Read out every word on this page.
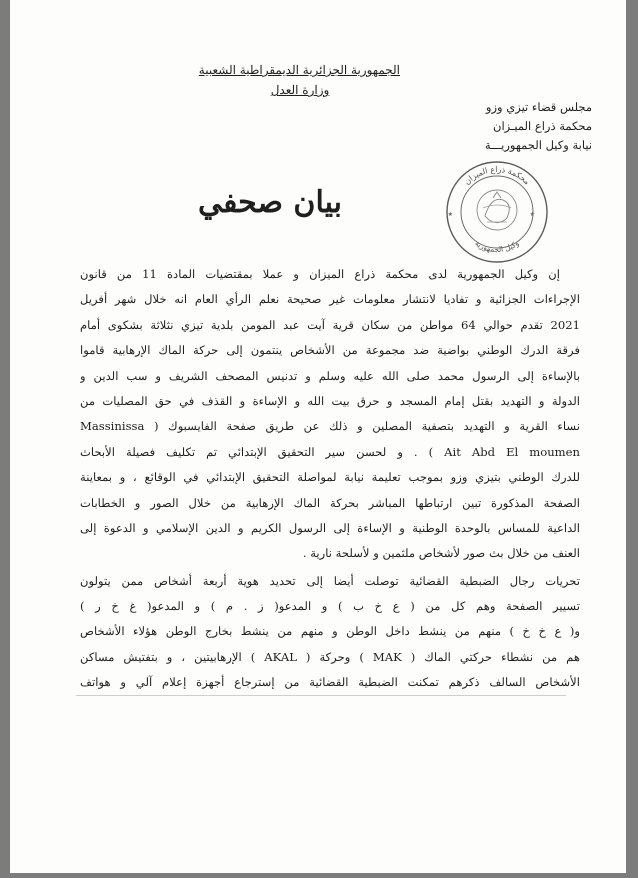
الجمهورية الجزائرية الديمقراطية الشعبية
وزارة العدل
مجلس قضاء تيزي وزو
محكمة ذراع الميـزان
نيابة وكيل الجمهوريـــة
بيان صحفي
محكمة ذراع الميزان
وكيل الجمهورية
★	★
إن وكيل الجمهورية لدى محكمة ذراع الميزان و عملا بمقتضيات المادة 11 من قانون
الإجراءات الجزائية و تفاديا لانتشار معلومات غير صحيحة نعلم الرأي العام انه خلال شهر أفريل
2021 تقدم حوالي 64 مواطن من سكان قرية آيت عبد المومن بلدية تيزي نثلاثة بشكوى أمام
فرقة الدرك الوطني بواضية ضد مجموعة من الأشخاص ينتمون إلى حركة الماك الإرهابية قاموا
بالإساءة إلى الرسول محمد صلى الله عليه وسلم و تدنيس المصحف الشريف و سب الدين و
الدولة و التهديد بقتل إمام المسجد و حرق بيت الله و الإساءة و القذف في حق المصليات من
نساء القرية و التهديد بتصفية المصلين و ذلك عن طريق صفحة الفايسبوك ( Massinissa
Ait Abd El moumen ) . و لحسن سير التحقيق الإبتدائي تم تكليف فصيلة الأبحاث
للدرك الوطني بتيزي وزو بموجب تعليمة نيابة لمواصلة التحقيق الإبتدائي في الوقائع ، و بمعاينة
الصفحة المذكورة تبين ارتباطها المباشر بحركة الماك الإرهابية من خلال الصور و الخطابات
الداعية للمساس بالوحدة الوطنية و الإساءة إلى الرسول الكريم و الدين الإسلامي و الدعوة إلى
العنف من خلال بث صور لأشخاص ملثمين و لأسلحة نارية .
تحريات رجال الضبطية القضائية توصلت أيضا إلى تحديد هوية أربعة أشخاص ممن يتولون
تسيير الصفحة وهم كل من ( ع خ ب ) و المدعو( ز . م ) و المدعو( غ خ ر )
و( ع خ خ ) منهم من ينشط داخل الوطن و منهم من ينشط بخارج الوطن هؤلاء الأشخاص
هم من نشطاء حركتي الماك ( MAK ) وحركة ( AKAL ) الإرهابيتين ، و بتفتيش مساكن
الأشخاص السالف ذكرهم تمكنت الضبطية القضائية من إسترجاع أجهزة إعلام آلي و هواتف
